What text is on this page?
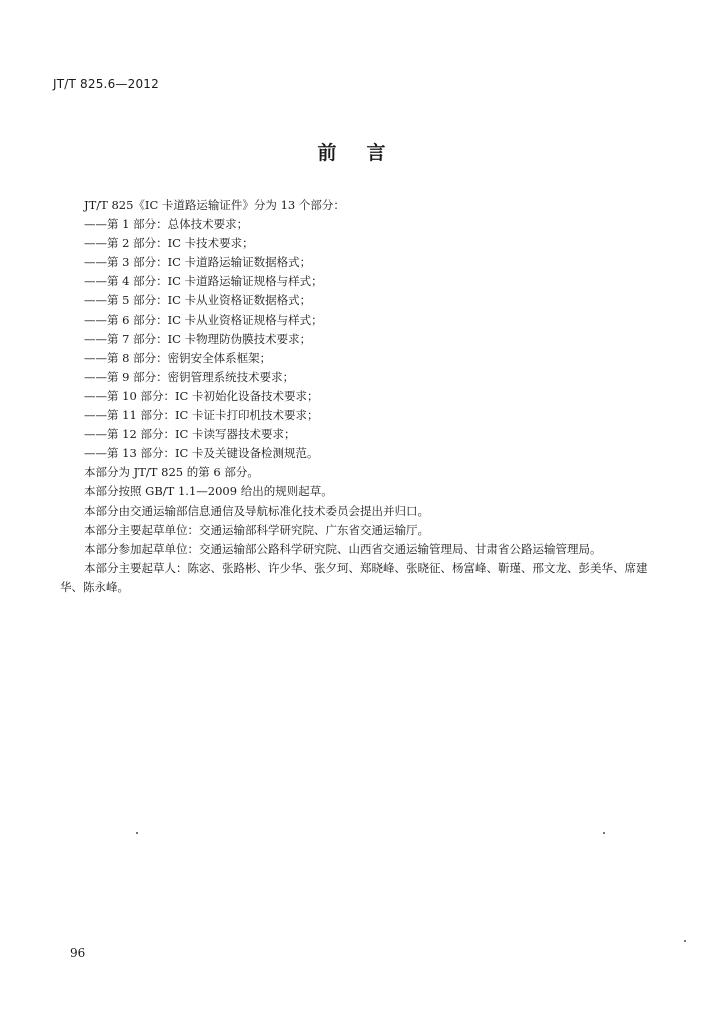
JT/T 825.6—2012
前言
JT/T 825《IC 卡道路运输证件》分为 13 个部分：
——第 1 部分：总体技术要求；
——第 2 部分：IC 卡技术要求；
——第 3 部分：IC 卡道路运输证数据格式；
——第 4 部分：IC 卡道路运输证规格与样式；
——第 5 部分：IC 卡从业资格证数据格式；
——第 6 部分：IC 卡从业资格证规格与样式；
——第 7 部分：IC 卡物理防伪膜技术要求；
——第 8 部分：密钥安全体系框架；
——第 9 部分：密钥管理系统技术要求；
——第 10 部分：IC 卡初始化设备技术要求；
——第 11 部分：IC 卡证卡打印机技术要求；
——第 12 部分：IC 卡读写器技术要求；
——第 13 部分：IC 卡及关键设备检测规范。
本部分为 JT/T 825 的第 6 部分。
本部分按照 GB/T 1.1—2009 给出的规则起草。
本部分由交通运输部信息通信及导航标准化技术委员会提出并归口。
本部分主要起草单位：交通运输部科学研究院、广东省交通运输厅。
本部分参加起草单位：交通运输部公路科学研究院、山西省交通运输管理局、甘肃省公路运输管理局。
本部分主要起草人：陈宓、张路彬、许少华、张夕珂、郑晓峰、张晓征、杨富峰、靳瑾、邢文龙、彭美华、席建华、陈永峰。
96
